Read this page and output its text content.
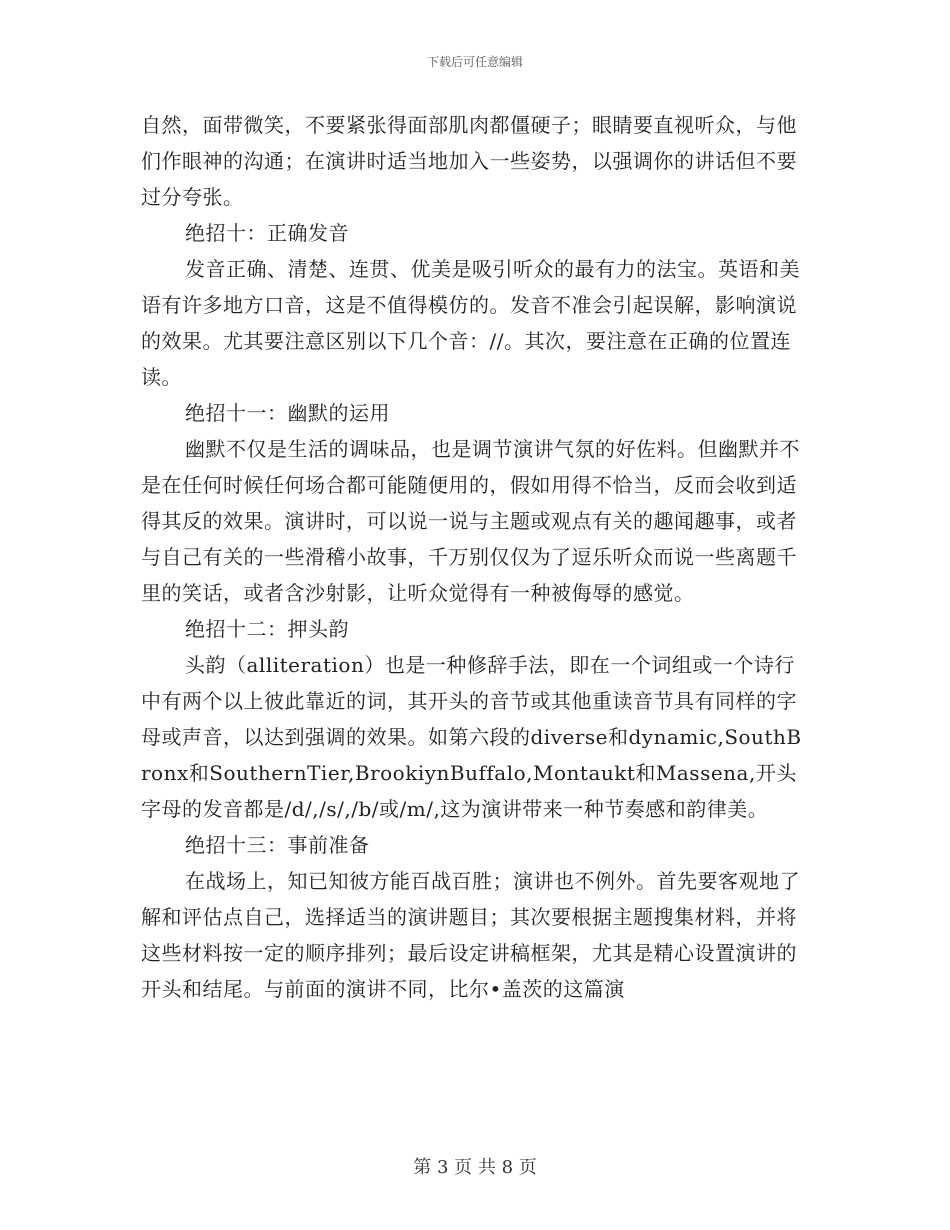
下载后可任意编辑

自然，面带微笑，不要紧张得面部肌肉都僵硬子；眼睛要直视听众，与他们作眼神的沟通；在演讲时适当地加入一些姿势，以强调你的讲话但不要过分夸张。

绝招十：正确发音

发音正确、清楚、连贯、优美是吸引听众的最有力的法宝。英语和美语有许多地方口音，这是不值得模仿的。发音不准会引起误解，影响演说的效果。尤其要注意区别以下几个音：//。其次，要注意在正确的位置连读。

绝招十一：幽默的运用

幽默不仅是生活的调味品，也是调节演讲气氛的好佐料。但幽默并不是在任何时候任何场合都可能随便用的，假如用得不恰当，反而会收到适得其反的效果。演讲时，可以说一说与主题或观点有关的趣闻趣事，或者与自己有关的一些滑稽小故事，千万别仅仅为了逗乐听众而说一些离题千里的笑话，或者含沙射影，让听众觉得有一种被侮辱的感觉。

绝招十二：押头韵

头韵（alliteration）也是一种修辞手法，即在一个词组或一个诗行中有两个以上彼此靠近的词，其开头的音节或其他重读音节具有同样的字母或声音，以达到强调的效果。如第六段的diverse和dynamic,SouthBronx和SouthernTier,BrookiynBuffalo,Montaukt和Massena,开头字母的发音都是/d/,/s/,/b/或/m/,这为演讲带来一种节奏感和韵律美。

绝招十三：事前准备

在战场上，知已知彼方能百战百胜；演讲也不例外。首先要客观地了解和评估点自己，选择适当的演讲题目；其次要根据主题搜集材料，并将这些材料按一定的顺序排列；最后设定讲稿框架，尤其是精心设置演讲的开头和结尾。与前面的演讲不同，比尔•盖茨的这篇演

第 3 页 共 8 页
